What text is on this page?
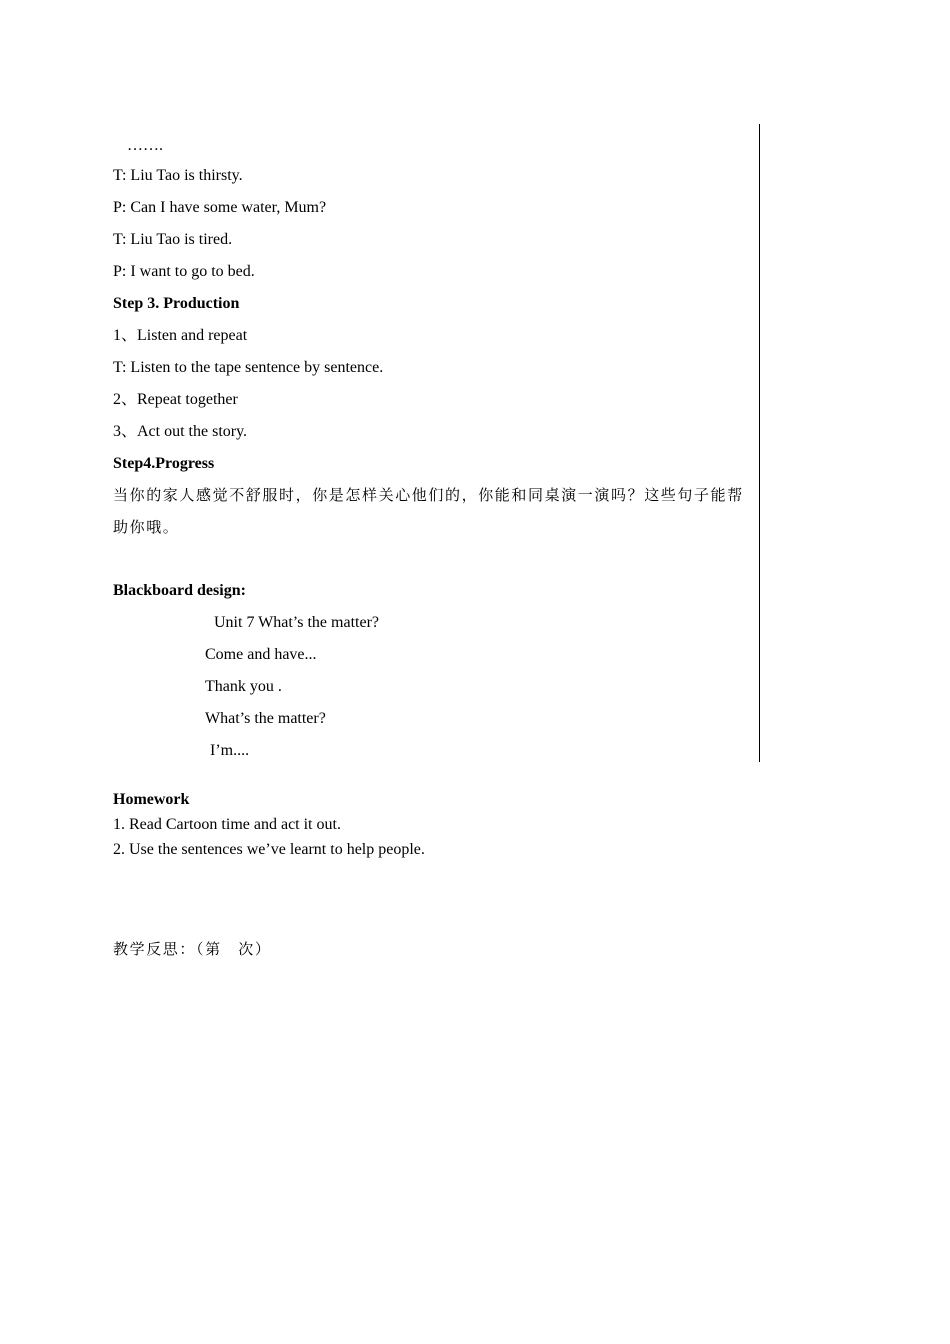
…….
T: Liu Tao is thirsty.
P: Can I have some water, Mum?
T: Liu Tao is tired.
P: I want to go to bed.
Step 3. Production
1、Listen and repeat
T: Listen to the tape sentence by sentence.
2、Repeat together
3、Act out the story.
Step4.Progress
当你的家人感觉不舒服时，你是怎样关心他们的，你能和同桌演一演吗？这些句子能帮
助你哦。
Blackboard design:
Unit 7 What’s the matter?
Come and have...
Thank you .
What’s the matter?
I’m....
Homework
1. Read Cartoon time and act it out.
2. Use the sentences we’ve learnt to help people.
教学反思：（第　次）
